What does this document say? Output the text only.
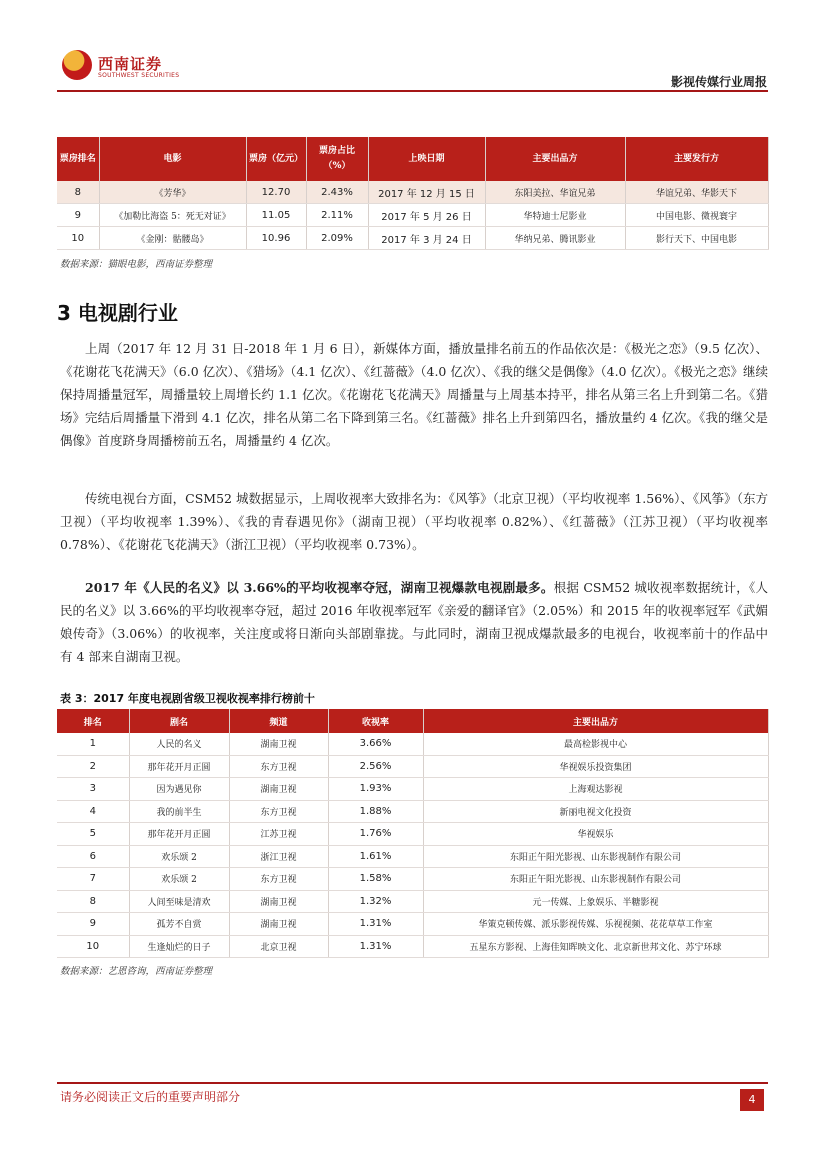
西南证券
SOUTHWEST SECURITIES	影视传媒行业周报
票房排名	电影	票房（亿元）	票房占比（%）	上映日期	主要出品方	主要发行方
8	《芳华》	12.70	2.43%	2017 年 12 月 15 日	东阳美拉、华谊兄弟	华谊兄弟、华影天下
9	《加勒比海盗 5：死无对证》	11.05	2.11%	2017 年 5 月 26 日	华特迪士尼影业	中国电影、微视寰宇
10	《金刚：骷髅岛》	10.96	2.09%	2017 年 3 月 24 日	华纳兄弟、腾讯影业	影行天下、中国电影
数据来源：猫眼电影，西南证券整理
3 电视剧行业

上周（2017 年 12 月 31 日-2018 年 1 月 6 日），新媒体方面，播放量排名前五的作品依次是：《极光之恋》（9.5 亿次）、《花谢花飞花满天》（6.0 亿次）、《猎场》（4.1 亿次）、《红蔷薇》（4.0 亿次）、《我的继父是偶像》（4.0 亿次）。《极光之恋》继续保持周播量冠军，周播量较上周增长约 1.1 亿次。《花谢花飞花满天》周播量与上周基本持平，排名从第三名上升到第二名。《猎场》完结后周播量下滑到 4.1 亿次，排名从第二名下降到第三名。《红蔷薇》排名上升到第四名，播放量约 4 亿次。《我的继父是偶像》首度跻身周播榜前五名，周播量约 4 亿次。

传统电视台方面，CSM52 城数据显示，上周收视率大致排名为：《风筝》（北京卫视）（平均收视率 1.56%）、《风筝》（东方卫视）（平均收视率 1.39%）、《我的青春遇见你》（湖南卫视）（平均收视率 0.82%）、《红蔷薇》（江苏卫视）（平均收视率 0.78%）、《花谢花飞花满天》（浙江卫视）（平均收视率 0.73%）。

2017 年《人民的名义》以 3.66%的平均收视率夺冠，湖南卫视爆款电视剧最多。根据 CSM52 城收视率数据统计，《人民的名义》以 3.66%的平均收视率夺冠，超过 2016 年收视率冠军《亲爱的翻译官》（2.05%）和 2015 年的收视率冠军《武媚娘传奇》（3.06%）的收视率，关注度或将日渐向头部剧靠拢。与此同时，湖南卫视成爆款最多的电视台，收视率前十的作品中有 4 部来自湖南卫视。

表 3：2017 年度电视剧省级卫视收视率排行榜前十
排名	剧名	频道	收视率	主要出品方
1	人民的名义	湖南卫视	3.66%	最高检影视中心
2	那年花开月正圆	东方卫视	2.56%	华视娱乐投资集团
3	因为遇见你	湖南卫视	1.93%	上海观达影视
4	我的前半生	东方卫视	1.88%	新丽电视文化投资
5	那年花开月正圆	江苏卫视	1.76%	华视娱乐
6	欢乐颂 2	浙江卫视	1.61%	东阳正午阳光影视、山东影视制作有限公司
7	欢乐颂 2	东方卫视	1.58%	东阳正午阳光影视、山东影视制作有限公司
8	人间至味是清欢	湖南卫视	1.32%	元一传媒、上象娱乐、半糖影视
9	孤芳不自赏	湖南卫视	1.31%	华策克顿传媒、派乐影视传媒、乐视视频、花花草草工作室
10	生逢灿烂的日子	北京卫视	1.31%	五星东方影视、上海佳知晖映文化、北京新世邦文化、苏宁环球
数据来源：艺恩咨询，西南证券整理
请务必阅读正文后的重要声明部分	4
